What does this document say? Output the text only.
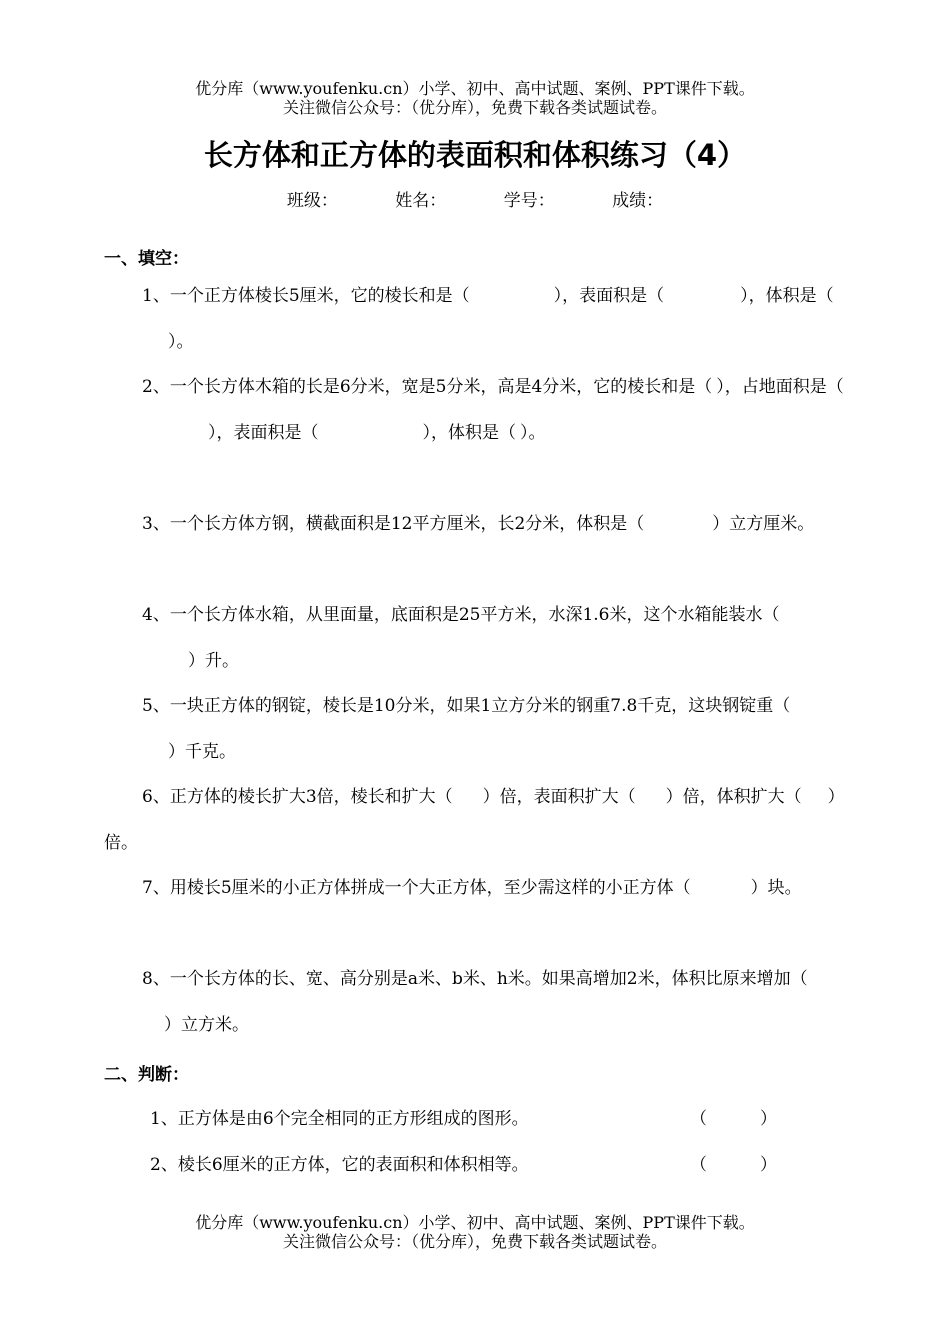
优分库（www.youfenku.cn）小学、初中、高中试题、案例、PPT课件下载。
关注微信公众号：（优分库），免费下载各类试题试卷。
长方体和正方体的表面积和体积练习（4）
班级：	姓名：	学号：	成绩：
一、填空：
1、一个正方体棱长5厘米，它的棱长和是（	），表面积是（	），体积是（）。
2、一个长方体木箱的长是6分米，宽是5分米，高是4分米，它的棱长和是（ ），占地面积是（），表面积是（	），体积是（ ）。
3、一个长方体方钢，横截面积是12平方厘米，长2分米，体积是（	）立方厘米。
4、一个长方体水箱，从里面量，底面积是25平方米，水深1.6米，这个水箱能装水（）升。
5、一块正方体的钢锭，棱长是10分米，如果1立方分米的钢重7.8千克，这块钢锭重（）千克。
6、正方体的棱长扩大3倍，棱长和扩大（ ）倍，表面积扩大（ ）倍，体积扩大（ ）倍。
7、用棱长5厘米的小正方体拼成一个大正方体，至少需这样的小正方体（	）块。
8、一个长方体的长、宽、高分别是a米、b米、h米。如果高增加2米，体积比原来增加（）立方米。
二、判断：
1、正方体是由6个完全相同的正方形组成的图形。	（	）
2、棱长6厘米的正方体，它的表面积和体积相等。	（	）
优分库（www.youfenku.cn）小学、初中、高中试题、案例、PPT课件下载。
关注微信公众号：（优分库），免费下载各类试题试卷。
